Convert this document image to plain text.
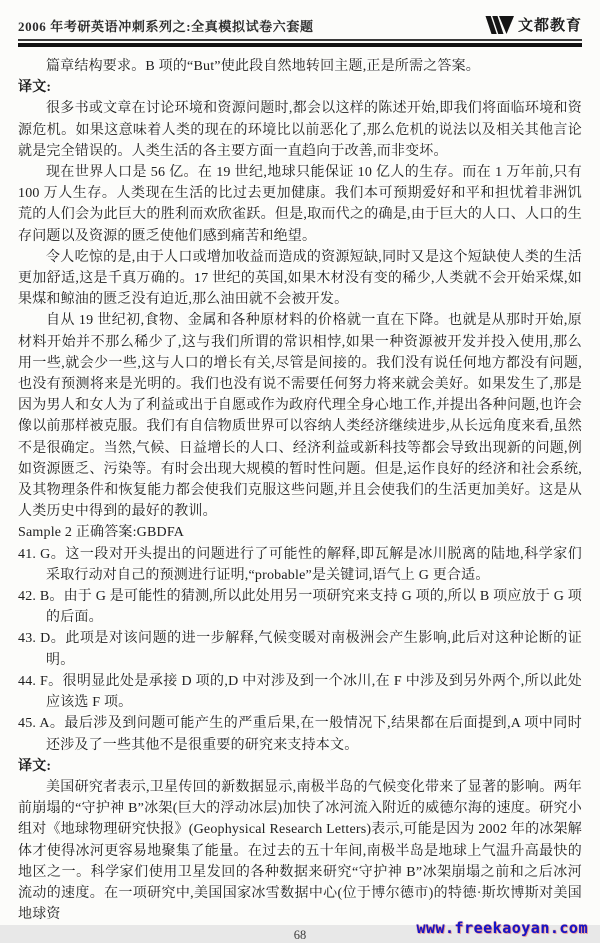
2006 年考研英语冲刺系列之:全真模拟试卷六套题	文都教育
篇章结构要求。B 项的“But”使此段自然地转回主题,正是所需之答案。
译文:
很多书或文章在讨论环境和资源问题时,都会以这样的陈述开始,即我们将面临环境和资源危机。如果这意味着人类的现在的环境比以前恶化了,那么危机的说法以及相关其他言论就是完全错误的。人类生活的各主要方面一直趋向于改善,而非变坏。
现在世界人口是 56 亿。在 19 世纪,地球只能保证 10 亿人的生存。而在 1 万年前,只有 100 万人生存。人类现在生活的比过去更加健康。我们本可预期爱好和平和担忧着非洲饥荒的人们会为此巨大的胜利而欢欣雀跃。但是,取而代之的确是,由于巨大的人口、人口的生存问题以及资源的匮乏使他们感到痛苦和绝望。
令人吃惊的是,由于人口或增加收益而造成的资源短缺,同时又是这个短缺使人类的生活更加舒适,这是千真万确的。17 世纪的英国,如果木材没有变的稀少,人类就不会开始采煤,如果煤和鲸油的匮乏没有迫近,那么油田就不会被开发。
自从 19 世纪初,食物、金属和各种原材料的价格就一直在下降。也就是从那时开始,原材料开始并不那么稀少了,这与我们所谓的常识相悖,如果一种资源被开发并投入使用,那么用一些,就会少一些,这与人口的增长有关,尽管是间接的。我们没有说任何地方都没有问题,也没有预测将来是光明的。我们也没有说不需要任何努力将来就会美好。如果发生了,那是因为男人和女人为了利益或出于自愿或作为政府代理全身心地工作,并提出各种问题,也许会像以前那样被克服。我们有自信物质世界可以容纳人类经济继续进步,从长远角度来看,虽然不是很确定。当然,气候、日益增长的人口、经济利益或新科技等都会导致出现新的问题,例如资源匮乏、污染等。有时会出现大规模的暂时性问题。但是,运作良好的经济和社会系统,及其物理条件和恢复能力都会使我们克服这些问题,并且会使我们的生活更加美好。这是从人类历史中得到的最好的教训。
Sample 2 正确答案:GBDFA
41. G。这一段对开头提出的问题进行了可能性的解释,即瓦解是冰川脱离的陆地,科学家们采取行动对自己的预测进行证明,“probable”是关键词,语气上 G 更合适。
42. B。由于 G 是可能性的猜测,所以此处用另一项研究来支持 G 项的,所以 B 项应放于 G 项的后面。
43. D。此项是对该问题的进一步解释,气候变暖对南极洲会产生影响,此后对这种论断的证明。
44. F。很明显此处是承接 D 项的,D 中对涉及到一个冰川,在 F 中涉及到另外两个,所以此处应该选 F 项。
45. A。最后涉及到问题可能产生的严重后果,在一般情况下,结果都在后面提到,A 项中同时还涉及了一些其他不是很重要的研究来支持本文。
译文:
美国研究者表示,卫星传回的新数据显示,南极半岛的气候变化带来了显著的影响。两年前崩塌的“守护神 B”冰架(巨大的浮动冰层)加快了冰河流入附近的威德尔海的速度。研究小组对《地球物理研究快报》(Geophysical Research Letters)表示,可能是因为 2002 年的冰架解体才使得冰河更容易地聚集了能量。在过去的五十年间,南极半岛是地球上气温升高最快的地区之一。科学家们使用卫星发回的各种数据来研究“守护神 B”冰架崩塌之前和之后冰河流动的速度。在一项研究中,美国国家冰雪数据中心(位于博尔德市)的特德·斯坎博斯对美国地球资
68	www.freekaoyan.com
